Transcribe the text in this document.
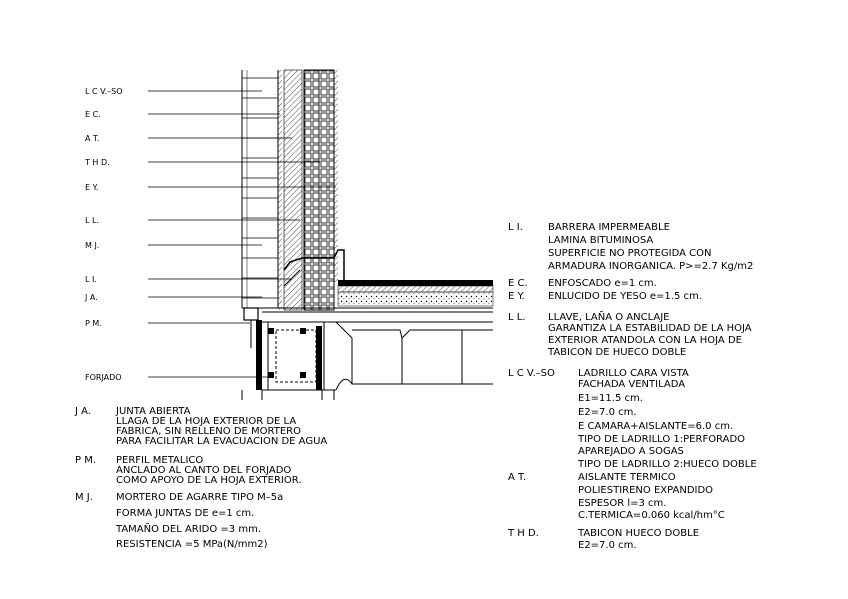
L C V.–SO
E C.
A T.
T H D.
E Y.
L L.
M J.
L I.
J A.
P M.
FORJADO
J A.	JUNTA ABIERTA
LLAGA DE LA HOJA EXTERIOR DE LA
FABRICA, SIN RELLENO DE MORTERO
PARA FACILITAR LA EVACUACION DE AGUA
P M. PERFIL METALICO
ANCLADO AL CANTO DEL FORJADO
COMO APOYO DE LA HOJA EXTERIOR.
M J. MORTERO DE AGARRE TIPO M–5a
FORMA JUNTAS DE e=1 cm.
TAMAÑO DEL ARIDO =3 mm.
RESISTENCIA =5 MPa(N/mm2)
L I.	BARRERA IMPERMEABLE
LAMINA BITUMINOSA
SUPERFICIE NO PROTEGIDA CON
ARMADURA INORGANICA. P>=2.7 Kg/m2
E C. ENFOSCADO e=1 cm.
E Y. ENLUCIDO DE YESO e=1.5 cm.
L L. LLAVE, LAÑA O ANCLAJE
GARANTIZA LA ESTABILIDAD DE LA HOJA
EXTERIOR ATANDOLA CON LA HOJA DE
TABICON DE HUECO DOBLE
L C V.–SO LADRILLO CARA VISTA
FACHADA VENTILADA
E1=11.5 cm.
E2=7.0 cm.
E CAMARA+AISLANTE=6.0 cm.
TIPO DE LADRILLO 1:PERFORADO
APAREJADO A SOGAS
TIPO DE LADRILLO 2:HUECO DOBLE
A T.	AISLANTE TERMICO
POLIESTIRENO EXPANDIDO
ESPESOR l=3 cm.
C.TERMICA=0.060 kcal/hm°C
T H D.	TABICON HUECO DOBLE
E2=7.0 cm.
